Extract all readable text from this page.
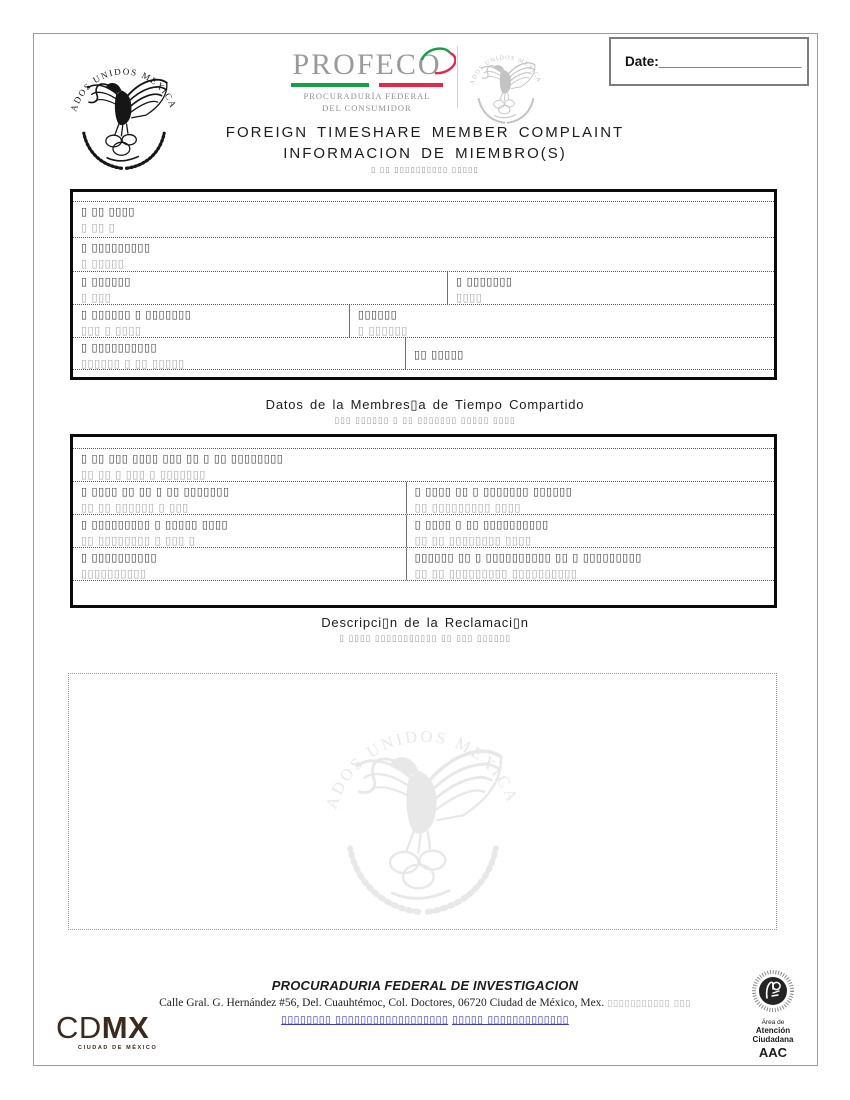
PROFECO
PROCURADURÍA FEDERAL
DEL CONSUMIDOR
Date: ___________________
FOREIGN TIMESHARE MEMBER COMPLAINT
INFORMACION DE MIEMBRO(S)
▯ ▯▯ ▯▯▯▯▯▯▯▯▯▯ ▯▯▯▯▯
▯ ▯▯ ▯▯▯▯
▯ ▯▯ ▯
▯ ▯▯▯▯▯▯▯▯▯
▯ ▯▯▯▯▯
▯ ▯▯▯▯▯▯
▯ ▯▯▯
▯ ▯▯▯▯▯▯▯
▯▯▯▯
▯ ▯▯▯▯▯▯ ▯ ▯▯▯▯▯▯▯
▯▯▯ ▯ ▯▯▯▯
▯▯▯▯▯▯
▯ ▯▯▯▯▯▯
▯ ▯▯▯▯▯▯▯▯▯▯
▯▯▯▯▯▯ ▯ ▯▯ ▯▯▯▯▯
▯▯ ▯▯▯▯▯
Datos de la Membres▯a de Tiempo Compartido
▯▯▯ ▯▯▯▯▯▯ ▯ ▯▯ ▯▯▯▯▯▯▯ ▯▯▯▯▯ ▯▯▯▯
▯ ▯▯ ▯▯▯ ▯▯▯▯ ▯▯▯ ▯▯ ▯ ▯▯ ▯▯▯▯▯▯▯▯
▯▯ ▯▯ ▯ ▯▯▯ ▯ ▯▯▯▯▯▯▯
▯ ▯▯▯▯ ▯▯ ▯▯ ▯ ▯▯ ▯▯▯▯▯▯▯
▯▯ ▯▯ ▯▯▯▯▯▯ ▯ ▯▯▯
▯ ▯▯▯▯ ▯▯ ▯ ▯▯▯▯▯▯▯ ▯▯▯▯▯▯
▯▯ ▯▯▯▯▯▯▯▯▯ ▯▯▯▯
▯ ▯▯▯▯▯▯▯▯▯ ▯ ▯▯▯▯▯ ▯▯▯▯
▯▯ ▯▯▯▯▯▯▯▯ ▯ ▯▯▯ ▯
▯ ▯▯▯▯ ▯ ▯▯ ▯▯▯▯▯▯▯▯▯▯
▯▯ ▯▯ ▯▯▯▯▯▯▯▯ ▯▯▯▯
▯ ▯▯▯▯▯▯▯▯▯▯
▯▯▯▯▯▯▯▯▯▯
▯▯▯▯▯▯ ▯▯ ▯ ▯▯▯▯▯▯▯▯▯▯ ▯▯ ▯ ▯▯▯▯▯▯▯▯▯
▯▯ ▯▯ ▯▯▯▯▯▯▯▯▯ ▯▯▯▯▯▯▯▯▯▯
Descripci▯n de la Reclamaci▯n
▯ ▯▯▯▯ ▯▯▯▯▯▯▯▯▯▯▯ ▯▯ ▯▯▯ ▯▯▯▯▯▯
PROCURADURIA FEDERAL DE INVESTIGACION
Calle Gral. G. Hernández #56, Del. Cuauhtémoc, Col. Doctores, 06720 Ciudad de México, Mex. ▯▯▯▯▯▯▯▯▯▯▯ ▯▯▯
▯▯▯▯▯▯▯▯ ▯▯▯▯▯▯▯▯▯▯▯▯▯▯▯▯▯▯ ▯▯▯▯▯ ▯▯▯▯▯▯▯▯▯▯▯▯▯
CDMX
CIUDAD DE MÉXICO
Área de
Atención
Ciudadana
AAC
